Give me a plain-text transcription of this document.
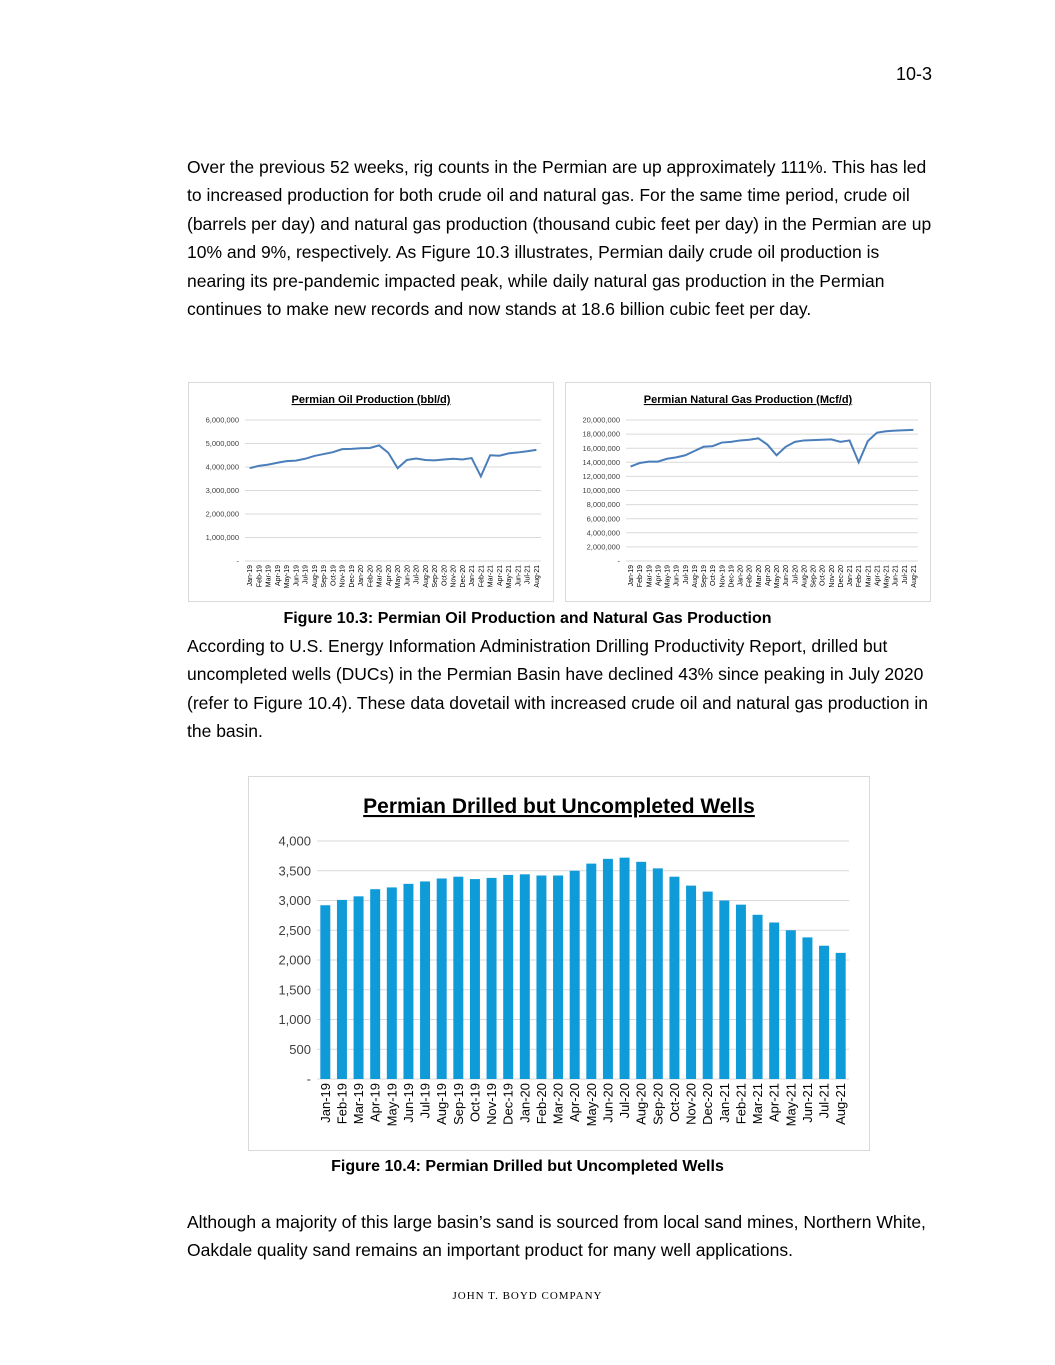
10-3

Over the previous 52 weeks, rig counts in the Permian are up approximately 111%. This has led to increased production for both crude oil and natural gas. For the same time period, crude oil (barrels per day) and natural gas production (thousand cubic feet per day) in the Permian are up 10% and 9%, respectively. As Figure 10.3 illustrates, Permian daily crude oil production is nearing its pre-pandemic impacted peak, while daily natural gas production in the Permian continues to make new records and now stands at 18.6 billion cubic feet per day.

Permian Oil Production (bbl/d)
-
1,000,000
2,000,000
3,000,000
4,000,000
5,000,000
6,000,000
Jan-19 Feb-19 Mar-19 Apr-19 May-19 Jun-19 Jul-19 Aug-19 Sep-19 Oct-19 Nov-19 Dec-19 Jan-20 Feb-20 Mar-20 Apr-20 May-20 Jun-20 Jul-20 Aug-20 Sep-20 Oct-20 Nov-20 Dec-20 Jan-21 Feb-21 Mar-21 Apr-21 May-21 Jun-21 Jul-21 Aug-21
Permian Natural Gas Production (Mcf/d)
-
2,000,000
4,000,000
6,000,000
8,000,000
10,000,000
12,000,000
14,000,000
16,000,000
18,000,000
20,000,000
Jan-19 Feb-19 Mar-19 Apr-19 May-19 Jun-19 Jul-19 Aug-19 Sep-19 Oct-19 Nov-19 Dec-19 Jan-20 Feb-20 Mar-20 Apr-20 May-20 Jun-20 Jul-20 Aug-20 Sep-20 Oct-20 Nov-20 Dec-20 Jan-21 Feb-21 Mar-21 Apr-21 May-21 Jun-21 Jul-21 Aug-21
Figure 10.3: Permian Oil Production and Natural Gas Production

According to U.S. Energy Information Administration Drilling Productivity Report, drilled but uncompleted wells (DUCs) in the Permian Basin have declined 43% since peaking in July 2020 (refer to Figure 10.4). These data dovetail with increased crude oil and natural gas production in the basin.

Permian Drilled but Uncompleted Wells
-
500
1,000
1,500
2,000
2,500
3,000
3,500
4,000
Jan-19 Feb-19 Mar-19 Apr-19 May-19 Jun-19 Jul-19 Aug-19 Sep-19 Oct-19 Nov-19 Dec-19 Jan-20 Feb-20 Mar-20 Apr-20 May-20 Jun-20 Jul-20 Aug-20 Sep-20 Oct-20 Nov-20 Dec-20 Jan-21 Feb-21 Mar-21 Apr-21 May-21 Jun-21 Jul-21 Aug-21
Figure 10.4: Permian Drilled but Uncompleted Wells

Although a majority of this large basin’s sand is sourced from local sand mines, Northern White, Oakdale quality sand remains an important product for many well applications.

JOHN T. BOYD COMPANY
